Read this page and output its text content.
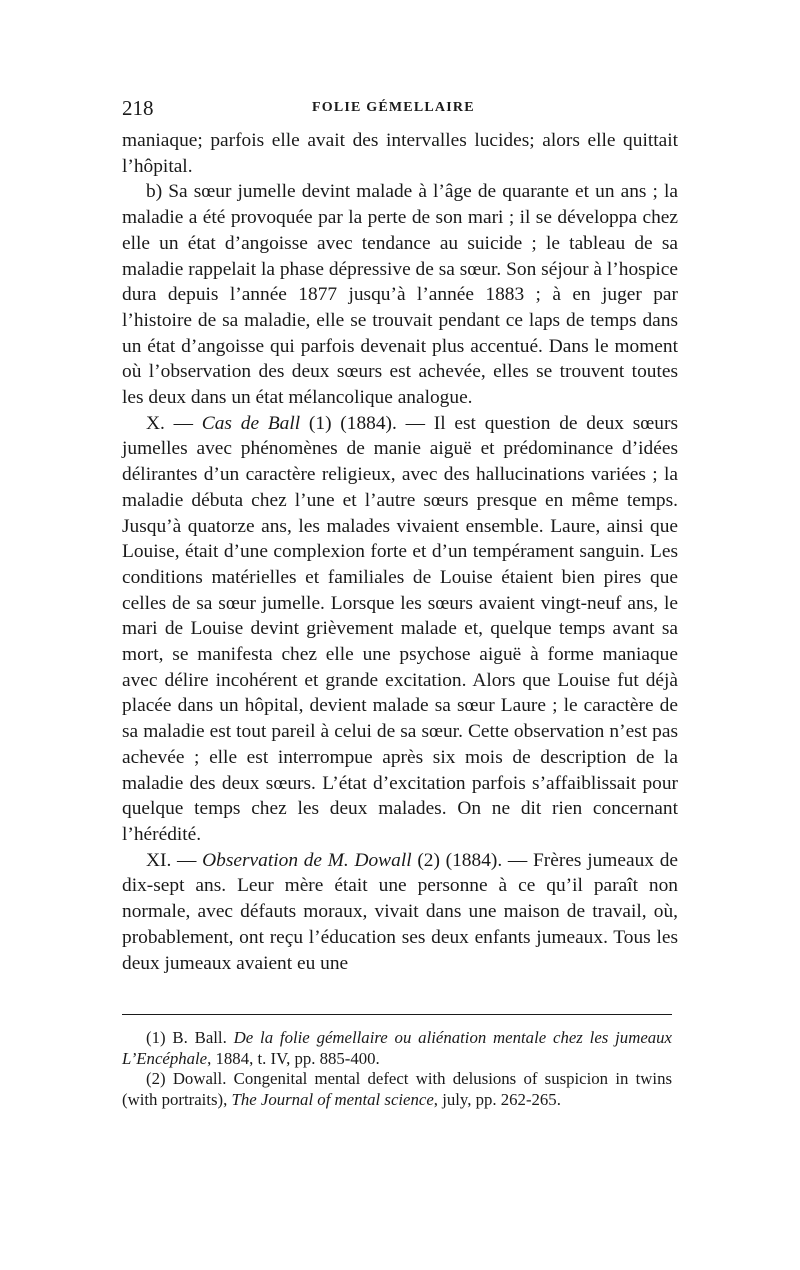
218	FOLIE GÉMELLAIRE

maniaque; parfois elle avait des intervalles lucides; alors elle quittait l’hôpital.

b) Sa sœur jumelle devint malade à l’âge de quarante et un ans ; la maladie a été provoquée par la perte de son mari ; il se développa chez elle un état d’angoisse avec tendance au suicide ; le tableau de sa maladie rappelait la phase dépressive de sa sœur. Son séjour à l’hospice dura depuis l’année 1877 jusqu’à l’année 1883 ; à en juger par l’histoire de sa maladie, elle se trouvait pendant ce laps de temps dans un état d’angoisse qui parfois devenait plus accentué. Dans le moment où l’observation des deux sœurs est achevée, elles se trouvent toutes les deux dans un état mélancolique analogue.

X. — Cas de Ball (1) (1884). — Il est question de deux sœurs jumelles avec phénomènes de manie aiguë et prédominance d’idées délirantes d’un caractère religieux, avec des hallucinations variées ; la maladie débuta chez l’une et l’autre sœurs presque en même temps. Jusqu’à quatorze ans, les malades vivaient ensemble. Laure, ainsi que Louise, était d’une complexion forte et d’un tempérament sanguin. Les conditions matérielles et familiales de Louise étaient bien pires que celles de sa sœur jumelle. Lorsque les sœurs avaient vingt-neuf ans, le mari de Louise devint grièvement malade et, quelque temps avant sa mort, se manifesta chez elle une psychose aiguë à forme maniaque avec délire incohérent et grande excitation. Alors que Louise fut déjà placée dans un hôpital, devient malade sa sœur Laure ; le caractère de sa maladie est tout pareil à celui de sa sœur. Cette observation n’est pas achevée ; elle est interrompue après six mois de description de la maladie des deux sœurs. L’état d’excitation parfois s’affaiblissait pour quelque temps chez les deux malades. On ne dit rien concernant l’hérédité.

XI. — Observation de M. Dowall (2) (1884). — Frères jumeaux de dix-sept ans. Leur mère était une personne à ce qu’il paraît non normale, avec défauts moraux, vivait dans une maison de travail, où, probablement, ont reçu l’éducation ses deux enfants jumeaux. Tous les deux jumeaux avaient eu une

(1) B. Ball. De la folie gémellaire ou aliénation mentale chez les jumeaux L’Encéphale, 1884, t. IV, pp. 885-400.

(2) Dowall. Congenital mental defect with delusions of suspicion in twins (with portraits), The Journal of mental science, july, pp. 262-265.
